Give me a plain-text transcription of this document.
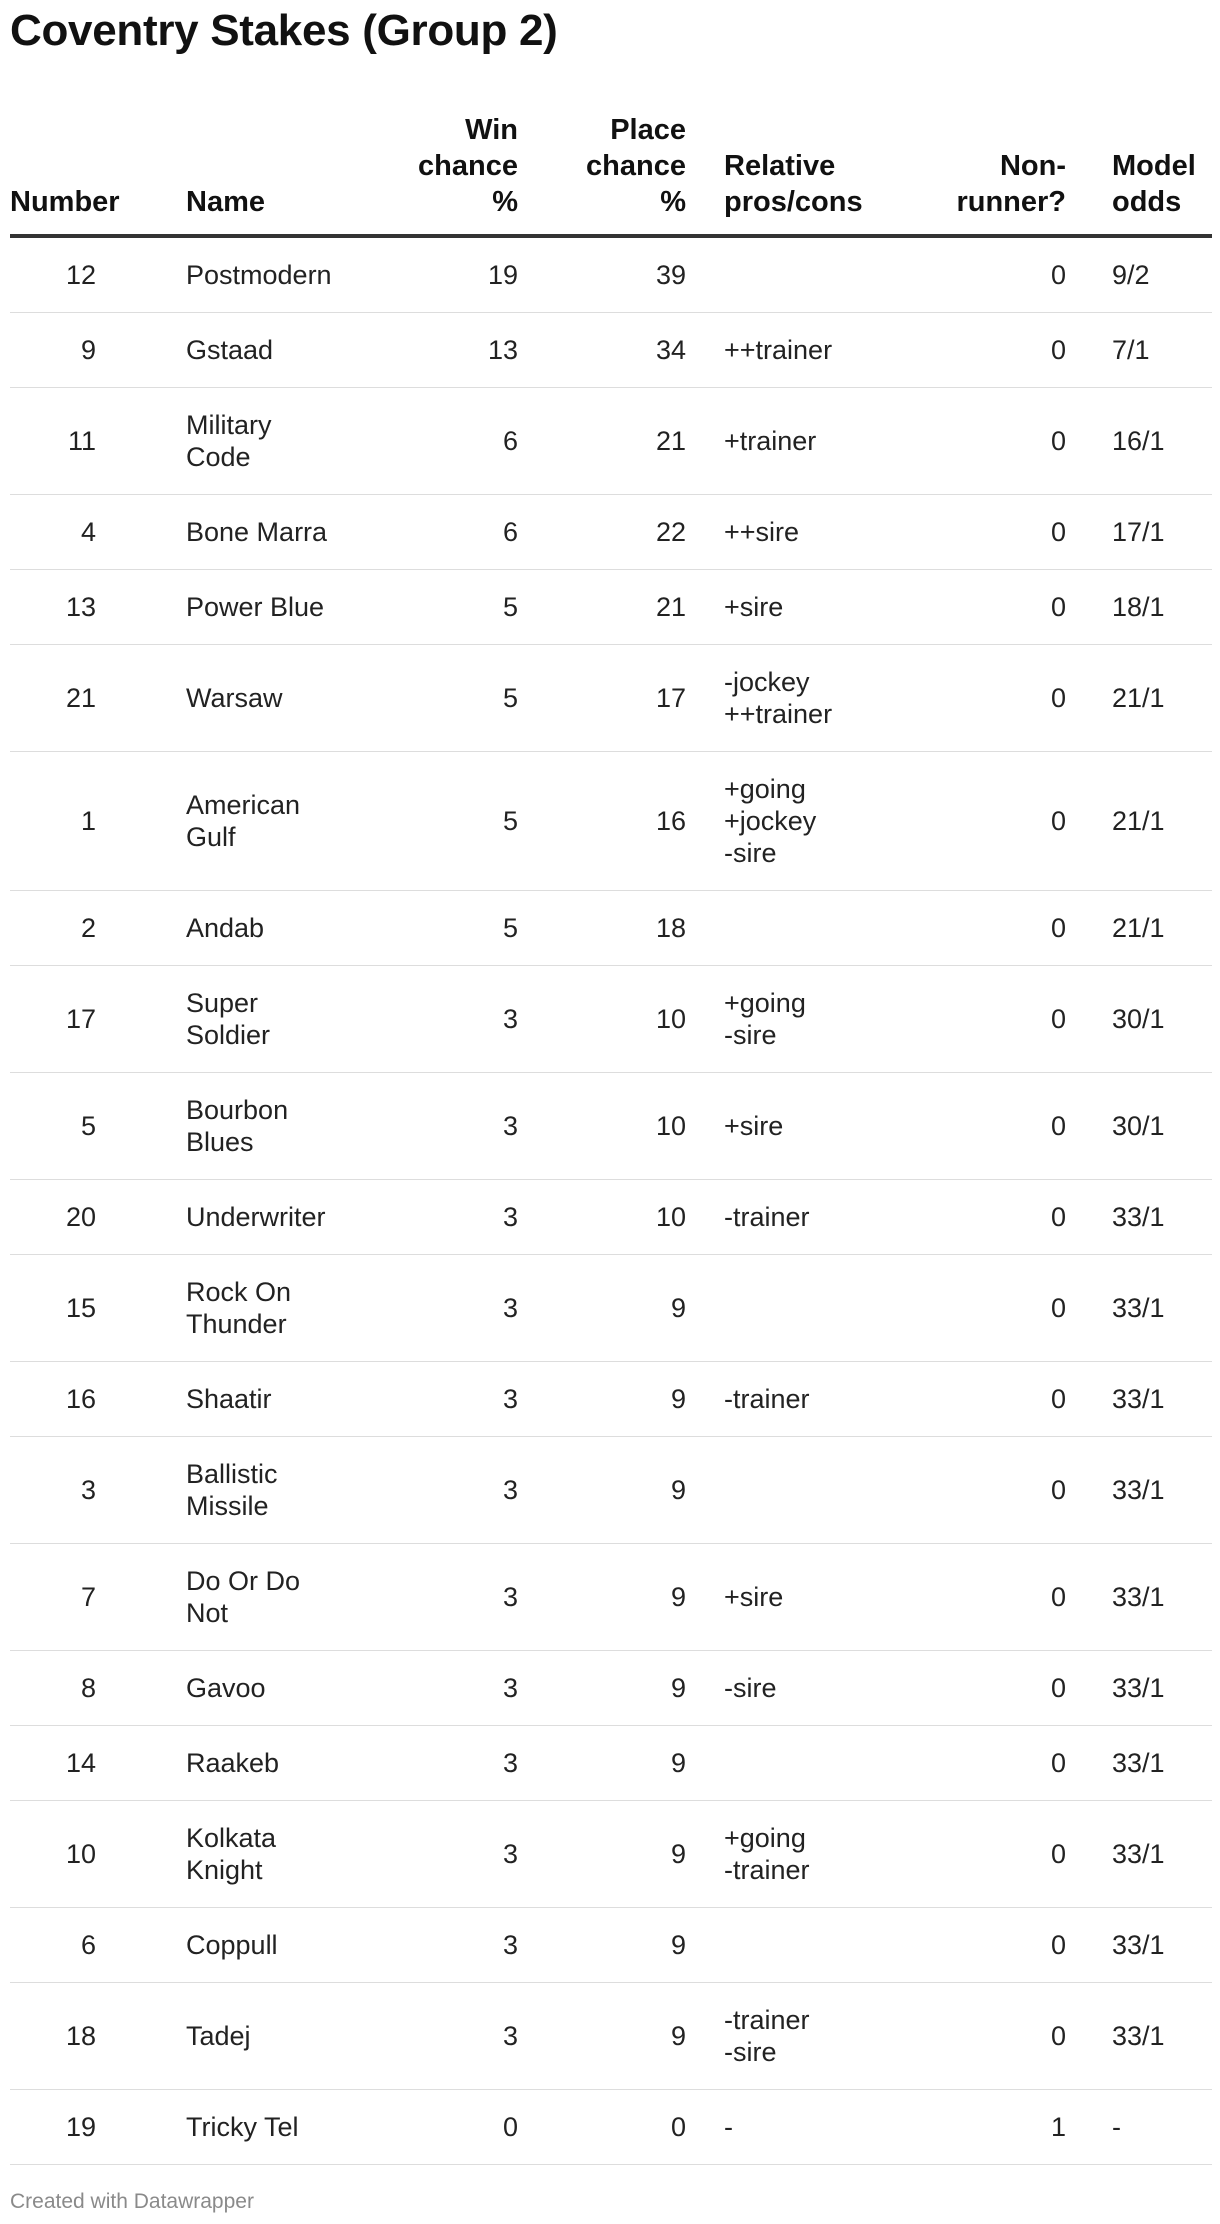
Coventry Stakes (Group 2)
Number		Name	Win
chance
%	Place
chance
%	Relative
pros/cons	Non-
runner?	Model
odds
12		Postmodern	19	39		0	9/2
9		Gstaad	13	34	++trainer	0	7/1
11		Military Code	6	21	+trainer	0	16/1
4		Bone Marra	6	22	++sire	0	17/1
13		Power Blue	5	21	+sire	0	18/1
21		Warsaw	5	17	-jockey
++trainer	0	21/1
1		American Gulf	5	16	+going
+jockey
-sire	0	21/1
2		Andab	5	18		0	21/1
17		Super Soldier	3	10	+going
-sire	0	30/1
5		Bourbon Blues	3	10	+sire	0	30/1
20		Underwriter	3	10	-trainer	0	33/1
15		Rock On Thunder	3	9		0	33/1
16		Shaatir	3	9	-trainer	0	33/1
3		Ballistic Missile	3	9		0	33/1
7		Do Or Do Not	3	9	+sire	0	33/1
8		Gavoo	3	9	-sire	0	33/1
14		Raakeb	3	9		0	33/1
10		Kolkata Knight	3	9	+going
-trainer	0	33/1
6		Coppull	3	9		0	33/1
18		Tadej	3	9	-trainer
-sire	0	33/1
19		Tricky Tel	0	0	-	1	-
Created with Datawrapper
